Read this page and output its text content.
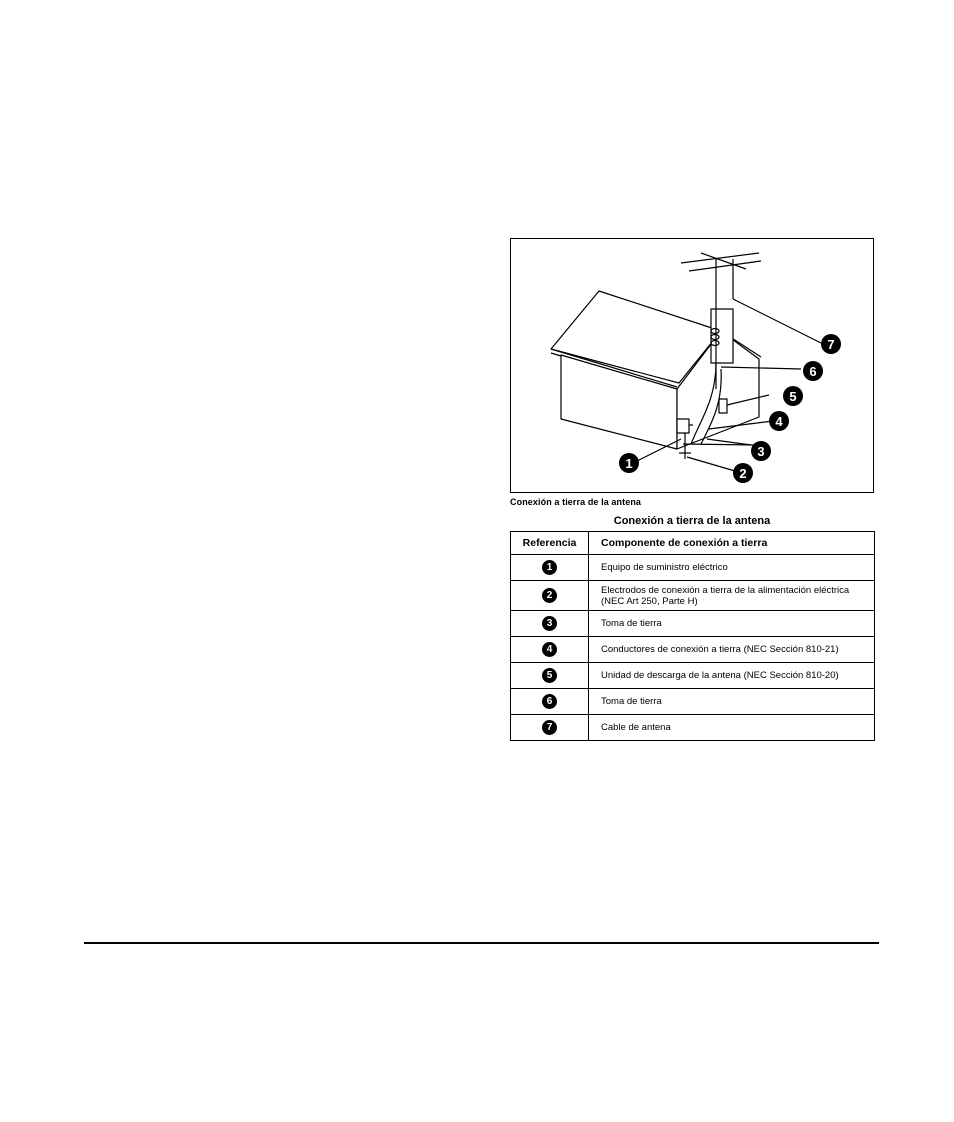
1
2
3
4
5
6
7
Conexión a tierra de la antena
Conexión a tierra de la antena
Referencia	Componente de conexión a tierra
1	Equipo de suministro eléctrico
2	Electrodos de conexión a tierra de la alimentación eléctrica (NEC Art 250, Parte H)
3	Toma de tierra
4	Conductores de conexión a tierra (NEC Sección 810-21)
5	Unidad de descarga de la antena (NEC Sección 810-20)
6	Toma de tierra
7	Cable de antena
